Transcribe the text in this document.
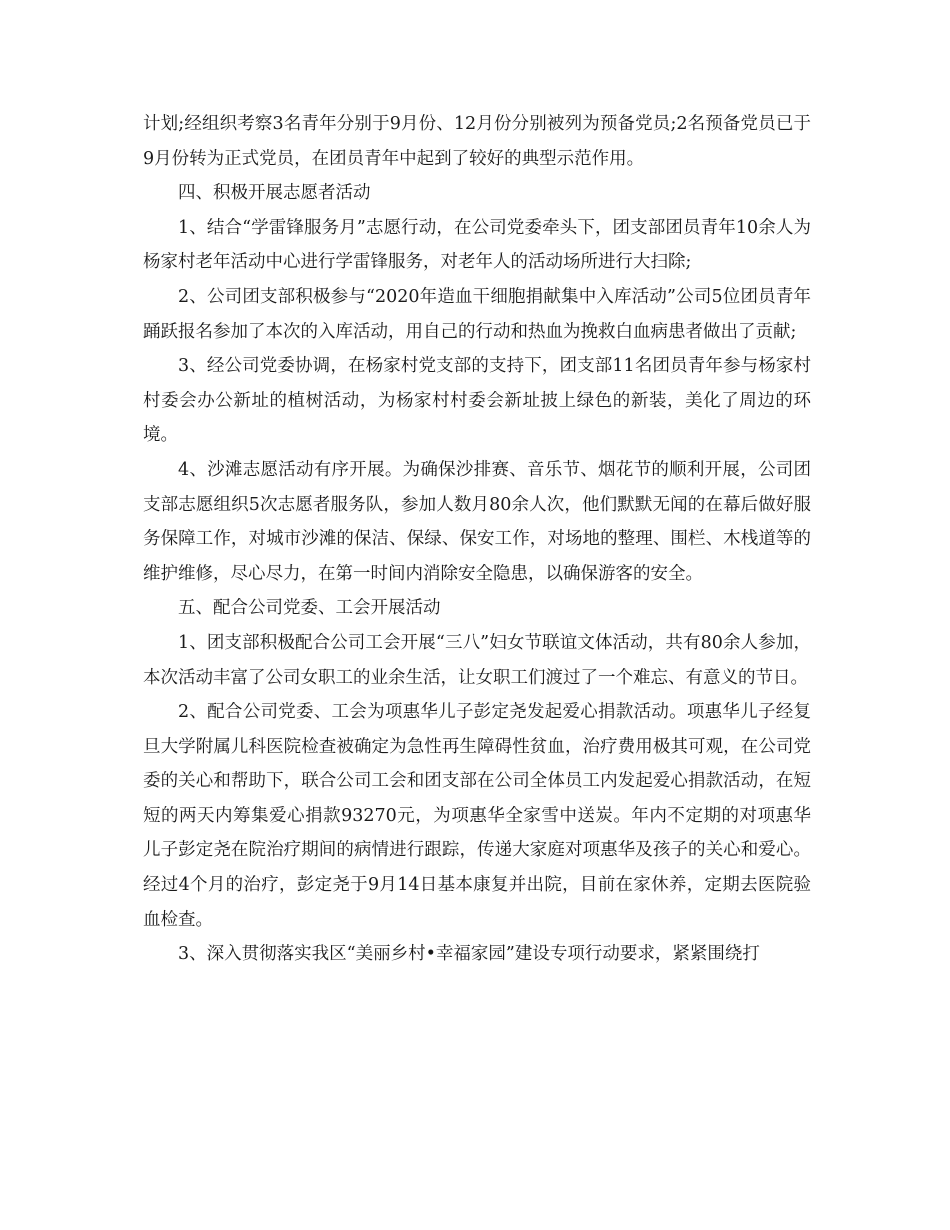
计划;经组织考察3名青年分别于9月份、12月份分别被列为预备党员;2名预备党员已于9月份转为正式党员，在团员青年中起到了较好的典型示范作用。

四、积极开展志愿者活动

1、结合“学雷锋服务月”志愿行动，在公司党委牵头下，团支部团员青年10余人为杨家村老年活动中心进行学雷锋服务，对老年人的活动场所进行大扫除;

2、公司团支部积极参与“2020年造血干细胞捐献集中入库活动”公司5位团员青年踊跃报名参加了本次的入库活动，用自己的行动和热血为挽救白血病患者做出了贡献;

3、经公司党委协调，在杨家村党支部的支持下，团支部11名团员青年参与杨家村村委会办公新址的植树活动，为杨家村村委会新址披上绿色的新装，美化了周边的环境。

4、沙滩志愿活动有序开展。为确保沙排赛、音乐节、烟花节的顺利开展，公司团支部志愿组织5次志愿者服务队，参加人数月80余人次，他们默默无闻的在幕后做好服务保障工作，对城市沙滩的保洁、保绿、保安工作，对场地的整理、围栏、木栈道等的维护维修，尽心尽力，在第一时间内消除安全隐患，以确保游客的安全。

五、配合公司党委、工会开展活动

1、团支部积极配合公司工会开展“三八”妇女节联谊文体活动，共有80余人参加，本次活动丰富了公司女职工的业余生活，让女职工们渡过了一个难忘、有意义的节日。

2、配合公司党委、工会为项惠华儿子彭定尧发起爱心捐款活动。项惠华儿子经复旦大学附属儿科医院检查被确定为急性再生障碍性贫血，治疗费用极其可观，在公司党委的关心和帮助下，联合公司工会和团支部在公司全体员工内发起爱心捐款活动，在短短的两天内筹集爱心捐款93270元，为项惠华全家雪中送炭。年内不定期的对项惠华儿子彭定尧在院治疗期间的病情进行跟踪，传递大家庭对项惠华及孩子的关心和爱心。经过4个月的治疗，彭定尧于9月14日基本康复并出院，目前在家休养，定期去医院验血检查。

3、深入贯彻落实我区“美丽乡村•幸福家园”建设专项行动要求，紧紧围绕打
